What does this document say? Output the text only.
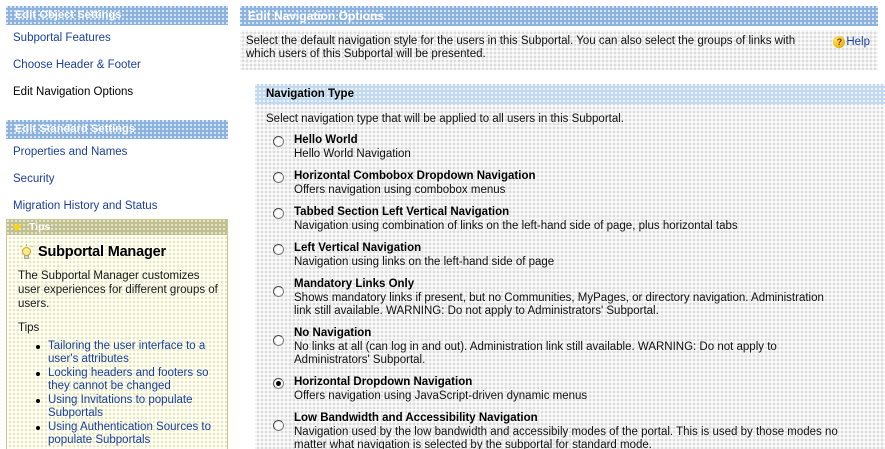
Edit Object Settings
Subportal Features
Choose Header & Footer
Edit Navigation Options
Edit Standard Settings
Properties and Names
Security
Migration History and Status
Tips
Subportal Manager

The Subportal Manager customizes user experiences for different groups of users.

Tips
Tailoring the user interface to a user's attributes
Locking headers and footers so they cannot be changed
Using Invitations to populate Subportals
Using Authentication Sources to populate Subportals
Edit Navigation Options
Select the default navigation style for the users in this Subportal. You can also select the groups of links with which users of this Subportal will be presented.
? Help
Navigation Type
Select navigation type that will be applied to all users in this Subportal.
Hello World
Hello World Navigation
Horizontal Combobox Dropdown Navigation
Offers navigation using combobox menus
Tabbed Section Left Vertical Navigation
Navigation using combination of links on the left-hand side of page, plus horizontal tabs
Left Vertical Navigation
Navigation using links on the left-hand side of page
Mandatory Links Only
Shows mandatory links if present, but no Communities, MyPages, or directory navigation. Administration link still available. WARNING: Do not apply to Administrators' Subportal.
No Navigation
No links at all (can log in and out). Administration link still available. WARNING: Do not apply to Administrators' Subportal.
Horizontal Dropdown Navigation
Offers navigation using JavaScript-driven dynamic menus
Low Bandwidth and Accessibility Navigation
Navigation used by the low bandwidth and accessibily modes of the portal. This is used by those modes no matter what navigation is selected by the subportal for standard mode.
